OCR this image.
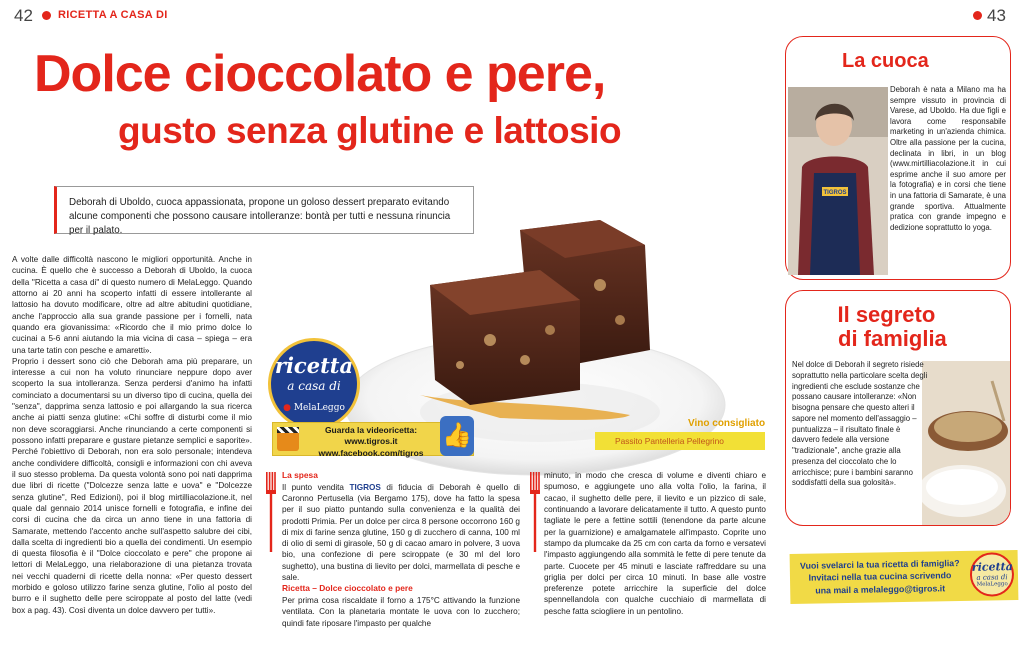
42 RICETTA A CASA DI	43
Dolce cioccolato e pere,
gusto senza glutine e lattosio
Deborah di Uboldo, cuoca appassionata, propone un goloso dessert preparato evitando alcune componenti che possono causare intolleranze: bontà per tutti e nessuna rinuncia per il palato.

A volte dalle difficoltà nascono le migliori opportunità. Anche in cucina. È quello che è successo a Deborah di Uboldo, la cuoca della "Ricetta a casa di" di questo numero di MelaLeggo. Quando attorno ai 20 anni ha scoperto infatti di essere intollerante al lattosio ha dovuto modificare, oltre ad altre abitudini quotidiane, anche l'approccio alla sua grande passione per i fornelli, nata quando era giovanissima: «Ricordo che il mio primo dolce lo cucinai a 5-6 anni aiutando la mia vicina di casa – spiega – era una tarte tatin con pesche e amaretti».

Proprio i dessert sono ciò che Deborah ama più preparare, un interesse a cui non ha voluto rinunciare neppure dopo aver scoperto la sua intolleranza. Senza perdersi d'animo ha infatti cominciato a documentarsi su un diverso tipo di cucina, quella dei "senza", dapprima senza lattosio e poi allargando la sua ricerca anche ai piatti senza glutine: «Chi soffre di disturbi come il mio non deve scoraggiarsi. Anche rinunciando a certe componenti si possono infatti preparare e gustare pietanze semplici e saporite». Perché l'obiettivo di Deborah, non era solo personale; intendeva anche condividere difficoltà, consigli e informazioni con chi aveva il suo stesso problema. Da questa volontà sono poi nati dapprima due libri di ricette ("Dolcezze senza latte e uova" e "Dolcezze senza glutine", Red Edizioni), poi il blog mirtilliacolazione.it, nel quale dal gennaio 2014 unisce fornelli e fotografia, e infine dei corsi di cucina che da circa un anno tiene in una fattoria di Samarate, mettendo l'accento anche sull'aspetto salubre dei cibi, dalla scelta di ingredienti bio a quella dei condimenti. Un esempio di questa filosofia è il "Dolce cioccolato e pere" che propone ai lettori di MelaLeggo, una rielaborazione di una pietanza trovata nei vecchi quaderni di ricette della nonna: «Per questo dessert morbido e goloso utilizzo farine senza glutine, l'olio al posto del burro e il sughetto delle pere sciroppate al posto del latte (vedi box a pag. 43). Così diventa un dolce davvero per tutti».

ricetta
a casa di
● MelaLeggo
Guarda la videoricetta:
www.tigros.it
www.facebook.com/tigros
👍	Vino consigliato
Passito Pantelleria Pellegrino
La spesa

Il punto vendita TIGROS di fiducia di Deborah è quello di Caronno Pertusella (via Bergamo 175), dove ha fatto la spesa per il suo piatto puntando sulla convenienza e la qualità dei prodotti Primia. Per un dolce per circa 8 persone occorrono 160 g di mix di farine senza glutine, 150 g di zucchero di canna, 100 ml di olio di semi di girasole, 50 g di cacao amaro in polvere, 3 uova bio, una confezione di pere sciroppate (e 30 ml del loro sughetto), una bustina di lievito per dolci, marmellata di pesche e sale.

Ricetta – Dolce cioccolato e pere

Per prima cosa riscaldate il forno a 175°C attivando la funzione ventilata. Con la planetaria montate le uova con lo zucchero; quindi fate riposare l'impasto per qualche

minuto, in modo che cresca di volume e diventi chiaro e spumoso, e aggiungete uno alla volta l'olio, la farina, il cacao, il sughetto delle pere, il lievito e un pizzico di sale, continuando a lavorare delicatamente il tutto. A questo punto tagliate le pere a fettine sottili (tenendone da parte alcune per la guarnizione) e amalgamatele all'impasto. Coprite uno stampo da plumcake da 25 cm con carta da forno e versatevi l'impasto aggiungendo alla sommità le fette di pere tenute da parte. Cuocete per 45 minuti e lasciate raffreddare su una griglia per dolci per circa 10 minuti. In base alle vostre preferenze potete arricchire la superficie del dolce spennellandola con qualche cucchiaio di marmellata di pesche fatta sciogliere in un pentolino.

La cuoca
TIGROS
Deborah è nata a Milano ma ha sempre vissuto in provincia di Varese, ad Uboldo. Ha due figli e lavora come responsabile marketing in un'azienda chimica. Oltre alla passione per la cucina, declinata in libri, in un blog (www.mirtilliacolazione.it in cui esprime anche il suo amore per la fotografia) e in corsi che tiene in una fattoria di Samarate, è una grande sportiva. Attualmente pratica con grande impegno e dedizione soprattutto lo yoga.
Il segreto
di famiglia
Nel dolce di Deborah il segreto risiede soprattutto nella particolare scelta degli ingredienti che esclude sostanze che possano causare intolleranze: «Non bisogna pensare che questo alteri il sapore nel momento dell'assaggio – puntualizza – il risultato finale è davvero fedele alla versione "tradizionale", anche grazie alla presenza del cioccolato che lo arricchisce; pure i bambini saranno soddisfatti della sua golosità».
Vuoi svelarci la tua ricetta di famiglia?
Invitaci nella tua cucina scrivendo
una mail a melaleggo@tigros.it
ricetta
a casa di
MelaLeggo
